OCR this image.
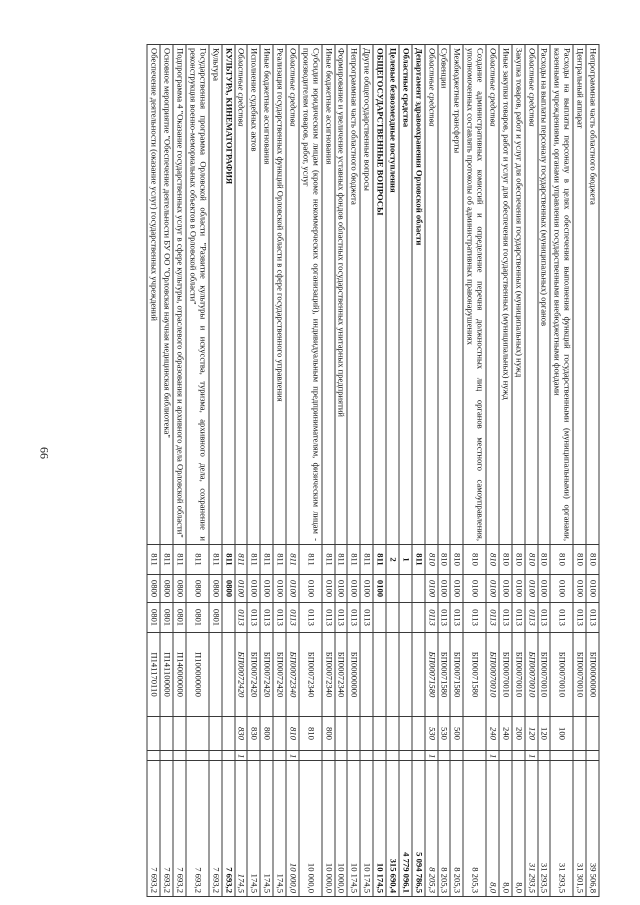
66
Непрограммная часть областного бюджета	810	0100	0113	БП00000000			39 506,8
Центральный аппарат	810	0100	0113	БП00070010			31 301,5
Расходы на выплаты персоналу в целях обеспечения выполнения функций государственными (муниципальными) органами, казенными учреждениями, органами управления государственными внебюджетными фондами	810	0100	0113	БП00070010	100		31 293,5
Расходы на выплаты персоналу государственных (муниципальных) органов	810	0100	0113	БП00070010	120		31 293,5
Областные средства	810	0100	0113	БП00070010	120	1	31 293,5
Закупка товаров, работ и услуг для обеспечения государственных (муниципальных) нужд	810	0100	0113	БП00070010	200		8,0
Иные закупки товаров, работ и услуг для обеспечения государственных (муниципальных) нужд	810	0100	0113	БП00070010	240		8,0
Областные средства	810	0100	0113	БП00070010	240	1	8,0
Создание административных комиссий и определение перечня должностных лиц органов местного самоуправления, уполномоченных составлять протоколы об административных правонарушениях	810	0100	0113	БП00071580			8 205,3
Межбюджетные трансферты	810	0100	0113	БП00071580	500		8 205,3
Субвенции	810	0100	0113	БП00071580	530		8 205,3
Областные средства	810	0100	0113	БП00071580	530	1	8 205,3
Департамент здравоохранения Орловской области	811						5 094 786,5
Областные средства	1						4 779 096,1
Целевые безвозмездные поступления	2						315 690,4
ОБЩЕГОСУДАРСТВЕННЫЕ ВОПРОСЫ	811	0100					10 174,5
Другие общегосударственные вопросы	811	0100	0113				10 174,5
Непрограммная часть областного бюджета	811	0100	0113	БП00000000			10 174,5
Формирование и увеличение уставных фондов областных государственных унитарных предприятий	811	0100	0113	БП00072340			10 000,0
Иные бюджетные ассигнования	811	0100	0113	БП00072340	800		10 000,0
Субсидии юридическим лицам (кроме некоммерческих организаций), индивидуальным предпринимателям, физическим лицам - производителям товаров, работ, услуг	811	0100	0113	БП00072340	810		10 000,0
Областные средства	811	0100	0113	БП00072340	810	1	10 000,0
Реализация государственных функций Орловской области в сфере государственного управления	811	0100	0113	БП00072420			174,5
Иные бюджетные ассигнования	811	0100	0113	БП00072420	800		174,5
Исполнение судебных актов	811	0100	0113	БП00072420	830		174,5
Областные средства	811	0100	0113	БП00072420	830	1	174,5
КУЛЬТУРА, КИНЕМАТОГРАФИЯ	811	0800					7 693,2
Культура	811	0800	0801				7 693,2
Государственная программа Орловской области "Развитие культуры и искусства, туризма, архивного дела, сохранение и реконструкция военно-мемориальных объектов в Орловской области"	811	0800	0801	П100000000			7 693,2
Подпрограмма 4 "Оказание государственных услуг в сфере культуры, отраслевого образования и архивного дела Орловской области"	811	0800	0801	П140000000			7 693,2
Основное мероприятие "Обеспечение деятельности БУ ОО "Орловская научная медицинская библиотека"	811	0800	0801	П141100000			7 693,2
Обеспечение деятельности (оказание услуг) государственных учреждений	811	0800	0801	П141170110			7 693,2
